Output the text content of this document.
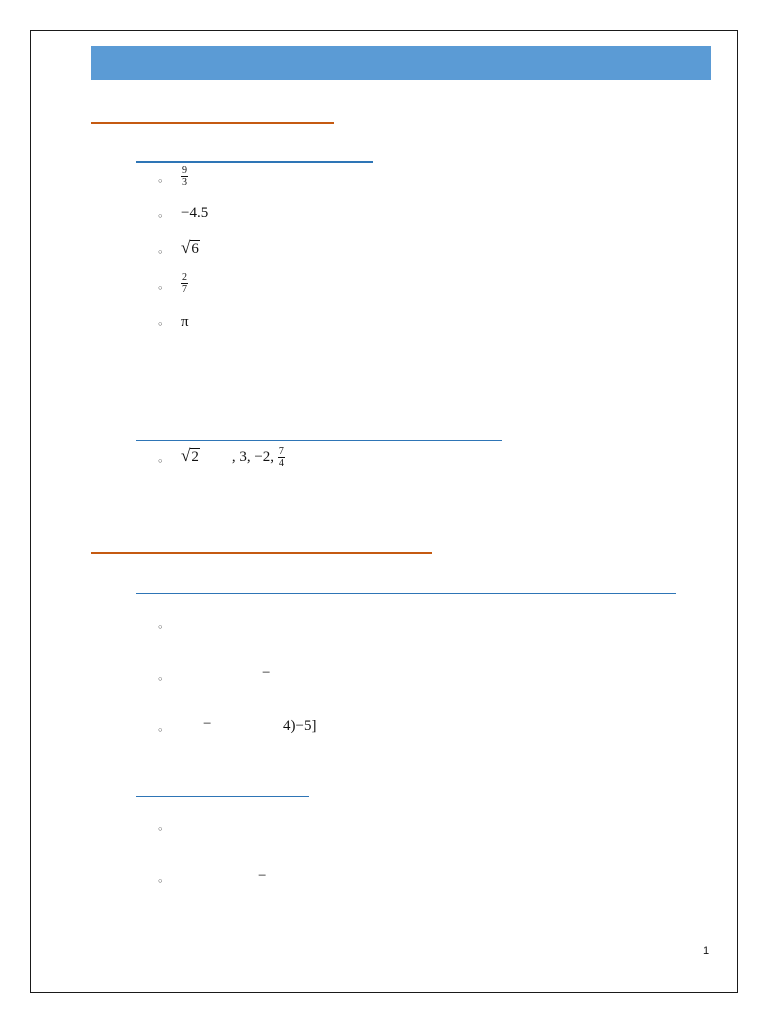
◦ $\frac{9}{3}$
◦ −4.5
◦ √ 6
◦ $\frac{2}{7}$
◦ π
◦ √ 2 , 3, −2, $\frac{7}{4}$
◦
◦	−
◦	−	4)−5]
◦
◦	−
1
